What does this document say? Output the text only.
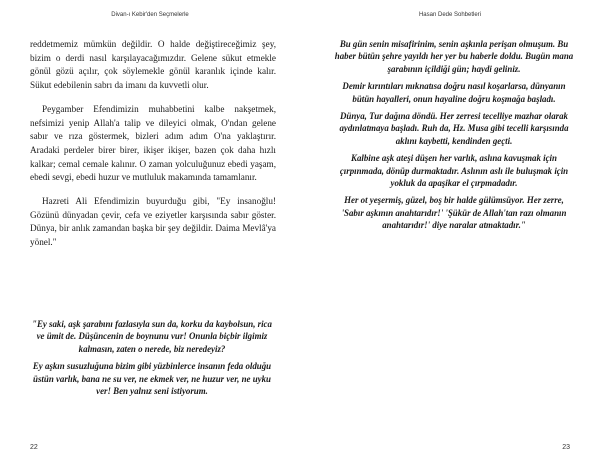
Divan-ı Kebir'den Seçmelerle

reddetmemiz mümkün değildir. O halde değiştireceğimiz şey, bizim o derdi nasıl karşılayacağımızdır. Gelene sükut etmekle gönül gözü açılır, çok söylemekle gönül karanlık içinde kalır. Sükut edebilenin sabrı da imanı da kuvvetli olur.

Peygamber Efendimizin muhabbetini kalbe nakşetmek, nefsimizi yenip Allah'a talip ve dileyici olmak, O'ndan gelene sabır ve rıza göstermek, bizleri adım adım O'na yaklaştırır. Aradaki perdeler birer birer, ikişer ikişer, bazen çok daha hızlı kalkar; cemal cemale kalınır. O zaman yolculuğunuz ebedi yaşam, ebedi sevgi, ebedi huzur ve mutluluk makamında tamamlanır.

Hazreti Ali Efendimizin buyurduğu gibi, "Ey insanoğlu! Gözünü dünyadan çevir, cefa ve eziyetler karşısında sabır göster. Dünya, bir anlık zamandan başka bir şey değildir. Daima Mevlâ'ya yönel."

"Ey saki, aşk şarabını fazlasıyla sun da, korku da kaybolsun, rica ve ümit de. Düşüncenin de boynunu vur! Onunla biçbir ilgimiz kalmasın, zaten o nerede, biz neredeyiz?

Ey aşkın susuzluğuna bizim gibi yüzbinlerce insanın feda olduğu üstün varlık, bana ne su ver, ne ekmek ver, ne huzur ver, ne uyku ver! Ben yalnız seni istiyorum.

22
Hasan Dede Sohbetleri

Bu gün senin misafirinim, senin aşkınla perişan olmuşum. Bu haber bütün şehre yayıldı her yer bu haberle doldu. Bugün mana şarabının içildiği gün; haydi geliniz.

Demir kırıntıları mıknatısa doğru nasıl koşarlarsa, dünyanın bütün hayalleri, onun hayaline doğru koşmağa başladı.

Dünya, Tur dağına döndü. Her zerresi tecelliye mazhar olarak aydınlatmaya başladı. Ruh da, Hz. Musa gibi tecelli karşısında aklını kaybetti, kendinden geçti.

Kalbine aşk ateşi düşen her varlık, aslına kavuşmak için çırpınmada, dönüp durmaktadır. Aslının aslı ile buluşmak için yokluk da apaşikar el çırpmadadır.

Her ot yeşermiş, güzel, boş bir halde gülümsüyor. Her zerre, 'Sabır aşkının anahtarıdır!' 'Şükür de Allah'tan razı olmanın anahtarıdır!' diye naralar atmaktadır."

23
